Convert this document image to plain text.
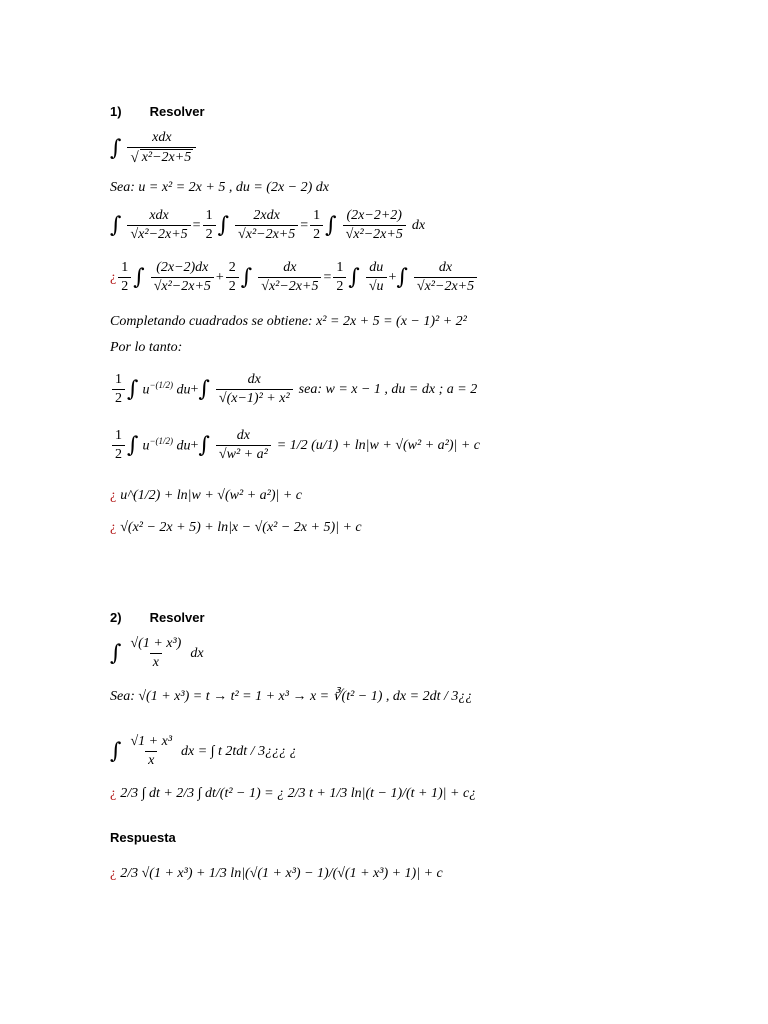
1) Resolver
∫ $\frac{\text{xdx}}{\text{√ x²−2x+5}}$
Sea: u = x² = 2x + 5 , du = (2x − 2) dx
∫ $\frac{\text{xdx}}{\text{√x²−2x+5}} = \frac{1}{2}$ ∫ $\frac{\text{2xdx}}{\text{√x²−2x+5}} = \frac{1}{2}$ ∫ $\frac{(2x-2+2)}{\text{√x²−2x+5}}$ dx
¿ $\frac{1}{2}$ ∫ $\frac{(2x-2)dx}{\text{√x²−2x+5}} + \frac{2}{2}$ ∫ $\frac{dx}{\text{√x²−2x+5}} = \frac{1}{2}$ ∫ $\frac{du}{√u}$ + ∫ $\frac{dx}{\text{√x²−2x+5}}$
Completando cuadrados se obtiene: x² = 2x + 5 = (x − 1)² + 2²
Por lo tanto:
$\frac{1}{2}$ ∫ $u^{-(1/2)}$ du + ∫ $\frac{dx}{\text{√(x−1)² + x²}}$ sea: w = x − 1 , du = dx ; a = 2
$\frac{1}{2}$ ∫ $u^{-(1/2)}$ du + ∫ $\frac{dx}{\text{√w² + a²}} = 1/2$ (u/1) + ln|w + √(w² + a²)| + c
¿ u^(1/2) + ln|w + √(w² + a²)| + c
¿ √(x² − 2x + 5) + ln|x − √(x² − 2x + 5)| + c
2) Resolver
∫ $\frac{\text{√(1 + x³)}}{x}$ dx
Sea: √(1 + x³) = t → t² = 1 + x³ → x = ∛(t² − 1) , dx = 2dt / 3¿¿
∫ $\frac{\text{√1 + x³}}{x}$ dx = ∫ t 2tdt / 3¿¿¿ ¿
¿ 2/3 ∫ dt + 2/3 ∫ dt/(t² − 1) = ¿ 2/3 t + 1/3 ln|(t − 1)/(t + 1)| + c¿
Respuesta
¿ 2/3 √(1 + x³) + 1/3 ln|(√(1 + x³) − 1)/(√(1 + x³) + 1)| + c
